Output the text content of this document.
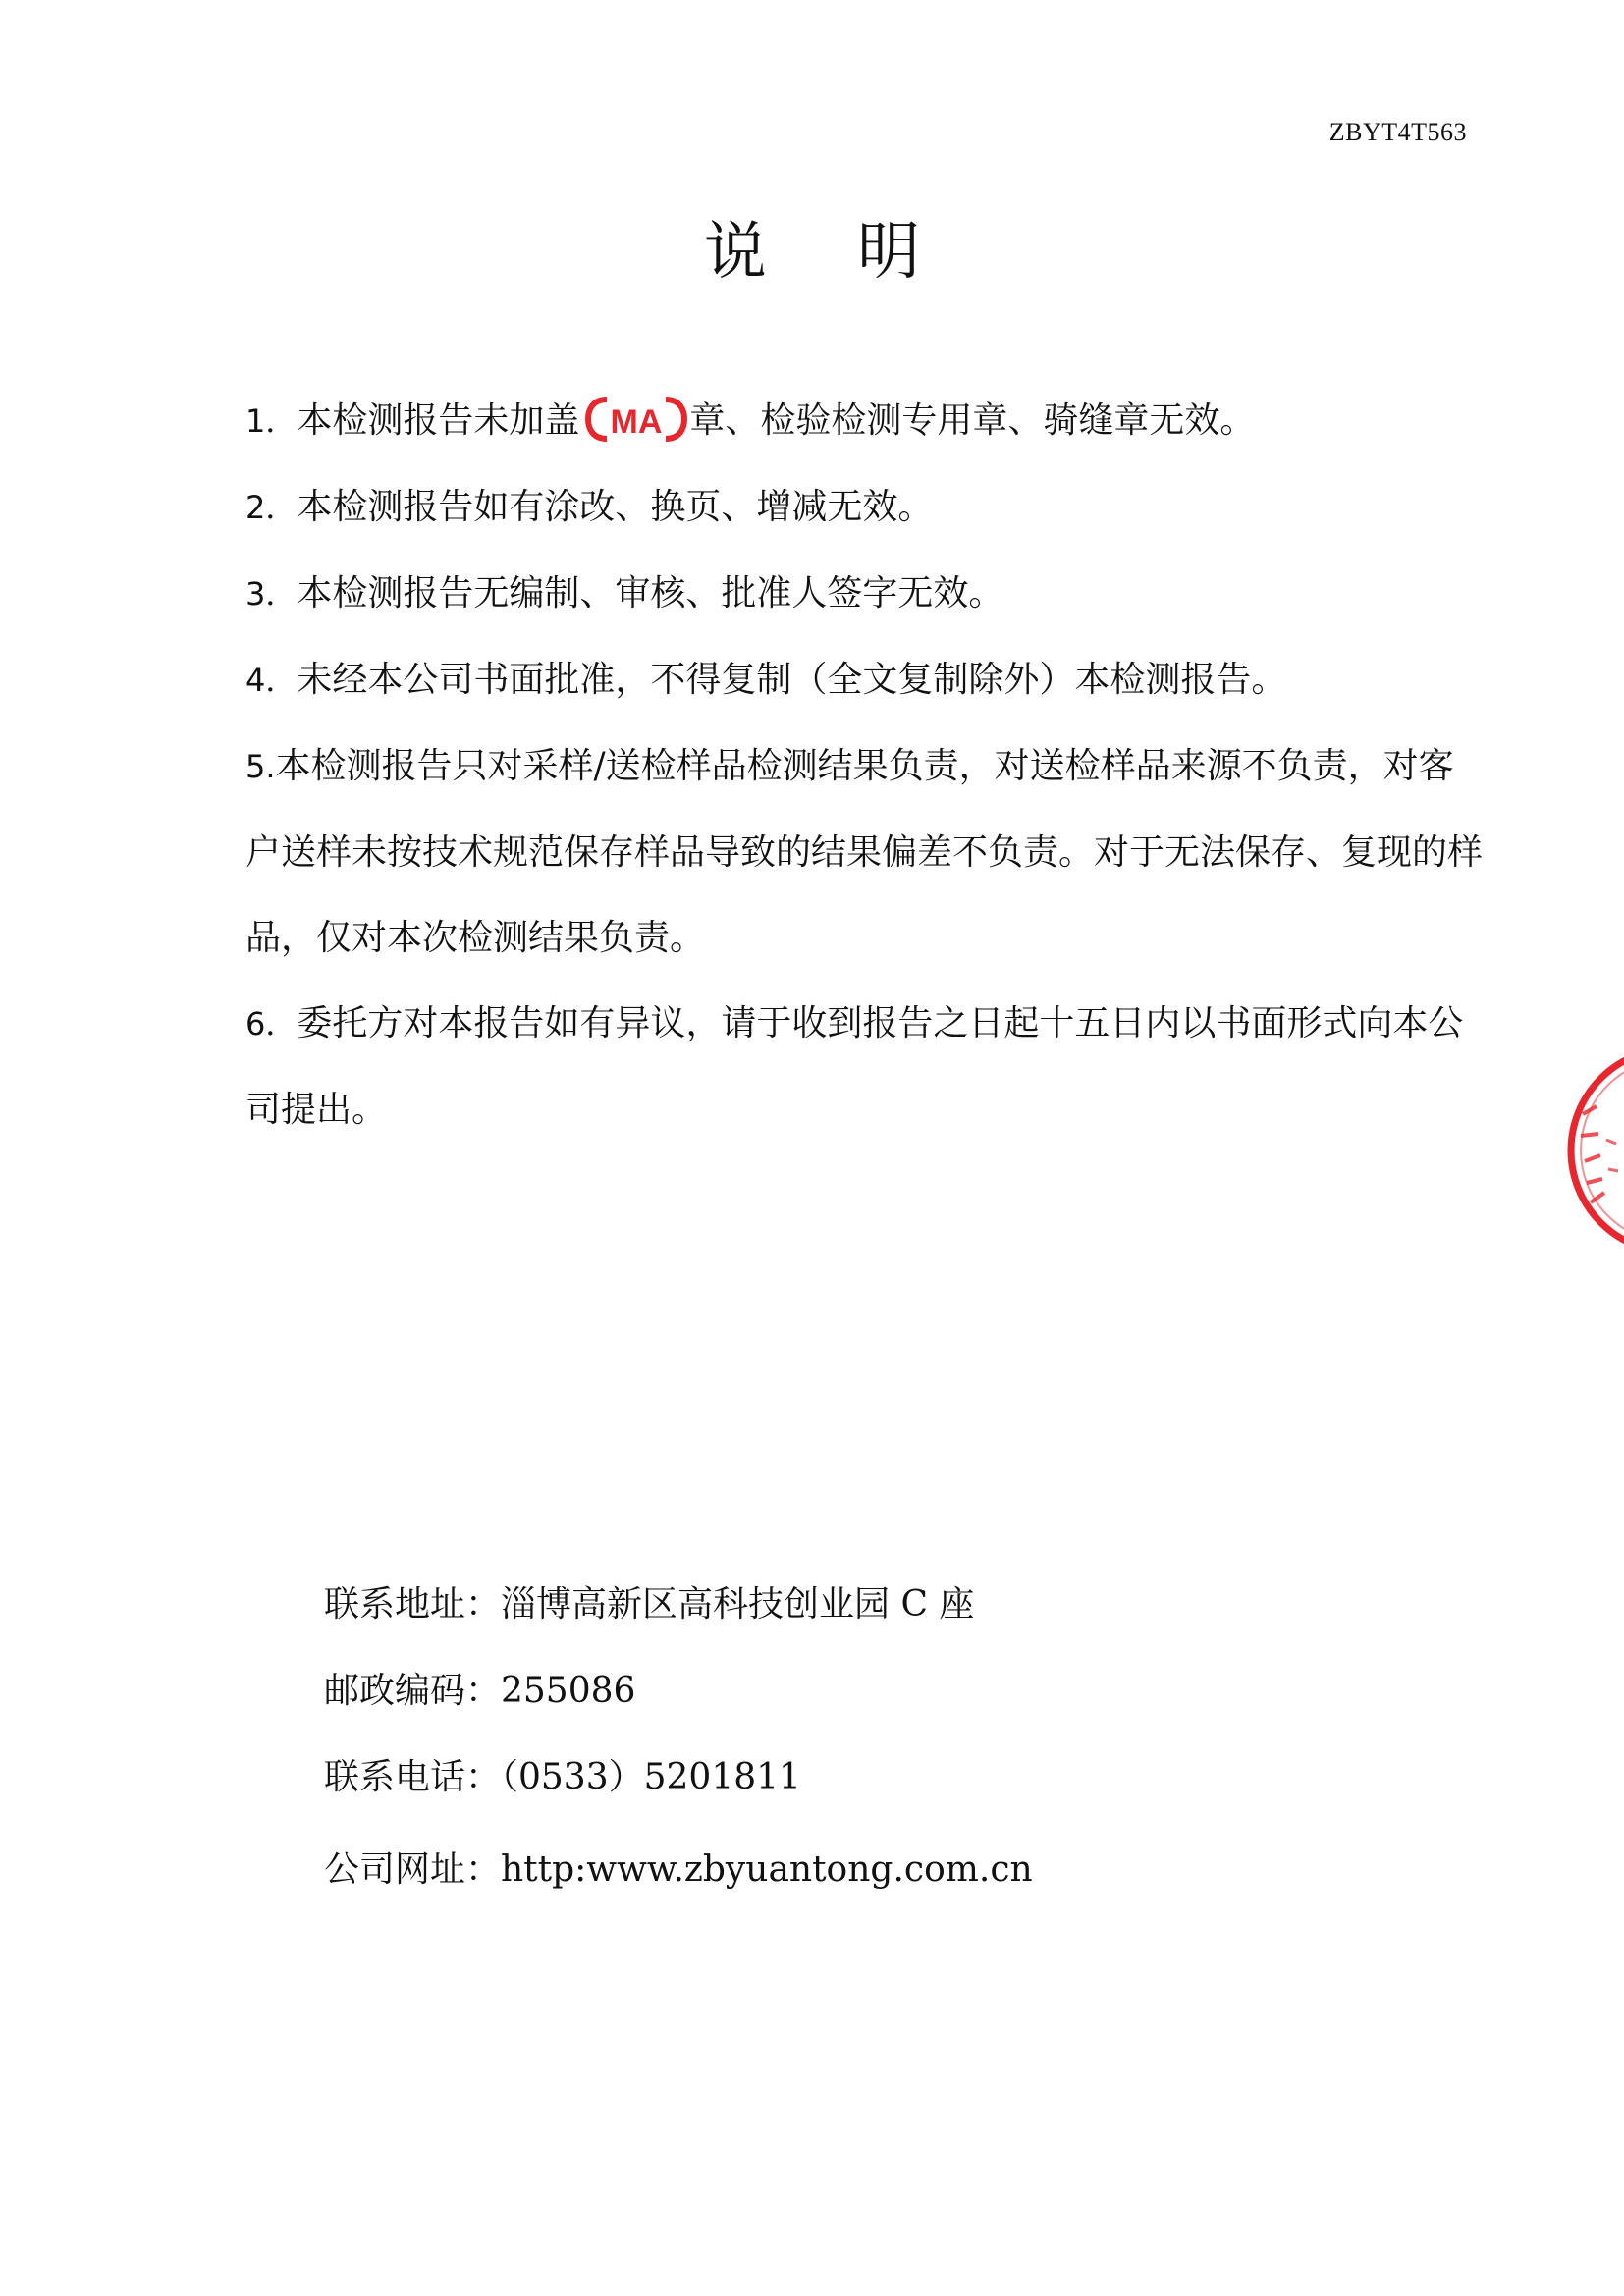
ZBYT4T563
说 明
1．本检测报告未加盖 MA 章、检验检测专用章、骑缝章无效。
2．本检测报告如有涂改、换页、增减无效。
3．本检测报告无编制、审核、批准人签字无效。
4．未经本公司书面批准，不得复制（全文复制除外）本检测报告。
5.本检测报告只对采样/送检样品检测结果负责，对送检样品来源不负责，对客户送样未按技术规范保存样品导致的结果偏差不负责。对于无法保存、复现的样品，仅对本次检测结果负责。
6．委托方对本报告如有异议，请于收到报告之日起十五日内以书面形式向本公司提出。
联系地址：淄博高新区高科技创业园 C 座
邮政编码：255086
联系电话：（0533）5201811
公司网址：http:www.zbyuantong.com.cn
